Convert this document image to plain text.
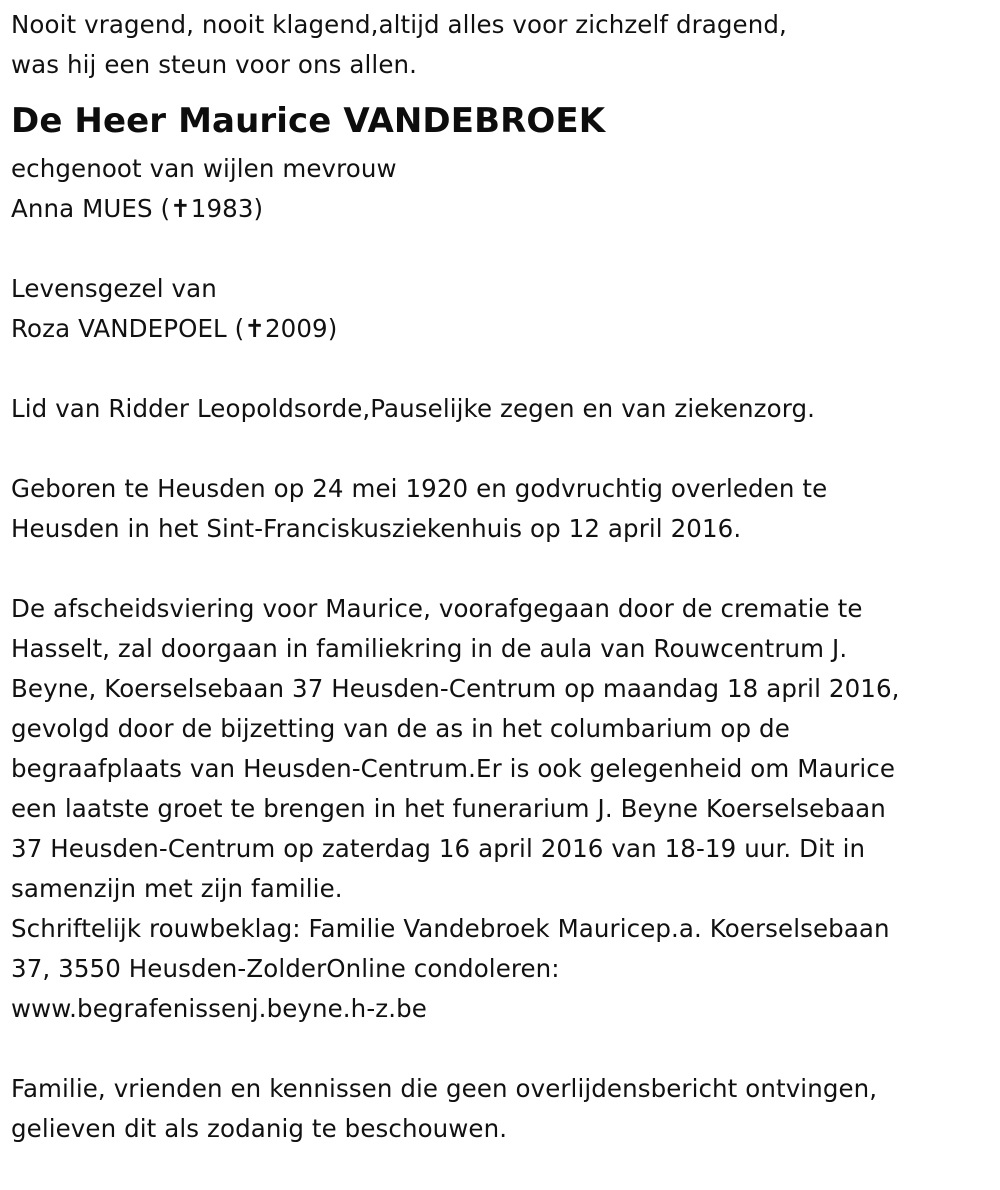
Nooit vragend, nooit klagend,altijd alles voor zichzelf dragend,
was hij een steun voor ons allen.
De Heer Maurice VANDEBROEK
echgenoot van wijlen mevrouw
Anna MUES (✝1983)
Levensgezel van
Roza VANDEPOEL (✝2009)
Lid van Ridder Leopoldsorde,Pauselijke zegen en van ziekenzorg.
Geboren te Heusden op 24 mei 1920 en godvruchtig overleden te
Heusden in het Sint-Franciskusziekenhuis op 12 april 2016.
De afscheidsviering voor Maurice, voorafgegaan door de crematie te
Hasselt, zal doorgaan in familiekring in de aula van Rouwcentrum J.
Beyne, Koerselsebaan 37 Heusden-Centrum op maandag 18 april 2016,
gevolgd door de bijzetting van de as in het columbarium op de
begraafplaats van Heusden-Centrum.Er is ook gelegenheid om Maurice
een laatste groet te brengen in het funerarium J. Beyne Koerselsebaan
37 Heusden-Centrum op zaterdag 16 april 2016 van 18-19 uur. Dit in
samenzijn met zijn familie.
Schriftelijk rouwbeklag: Familie Vandebroek Mauricep.a. Koerselsebaan
37, 3550 Heusden-ZolderOnline condoleren:
www.begrafenissenj.beyne.h-z.be
Familie, vrienden en kennissen die geen overlijdensbericht ontvingen,
gelieven dit als zodanig te beschouwen.
